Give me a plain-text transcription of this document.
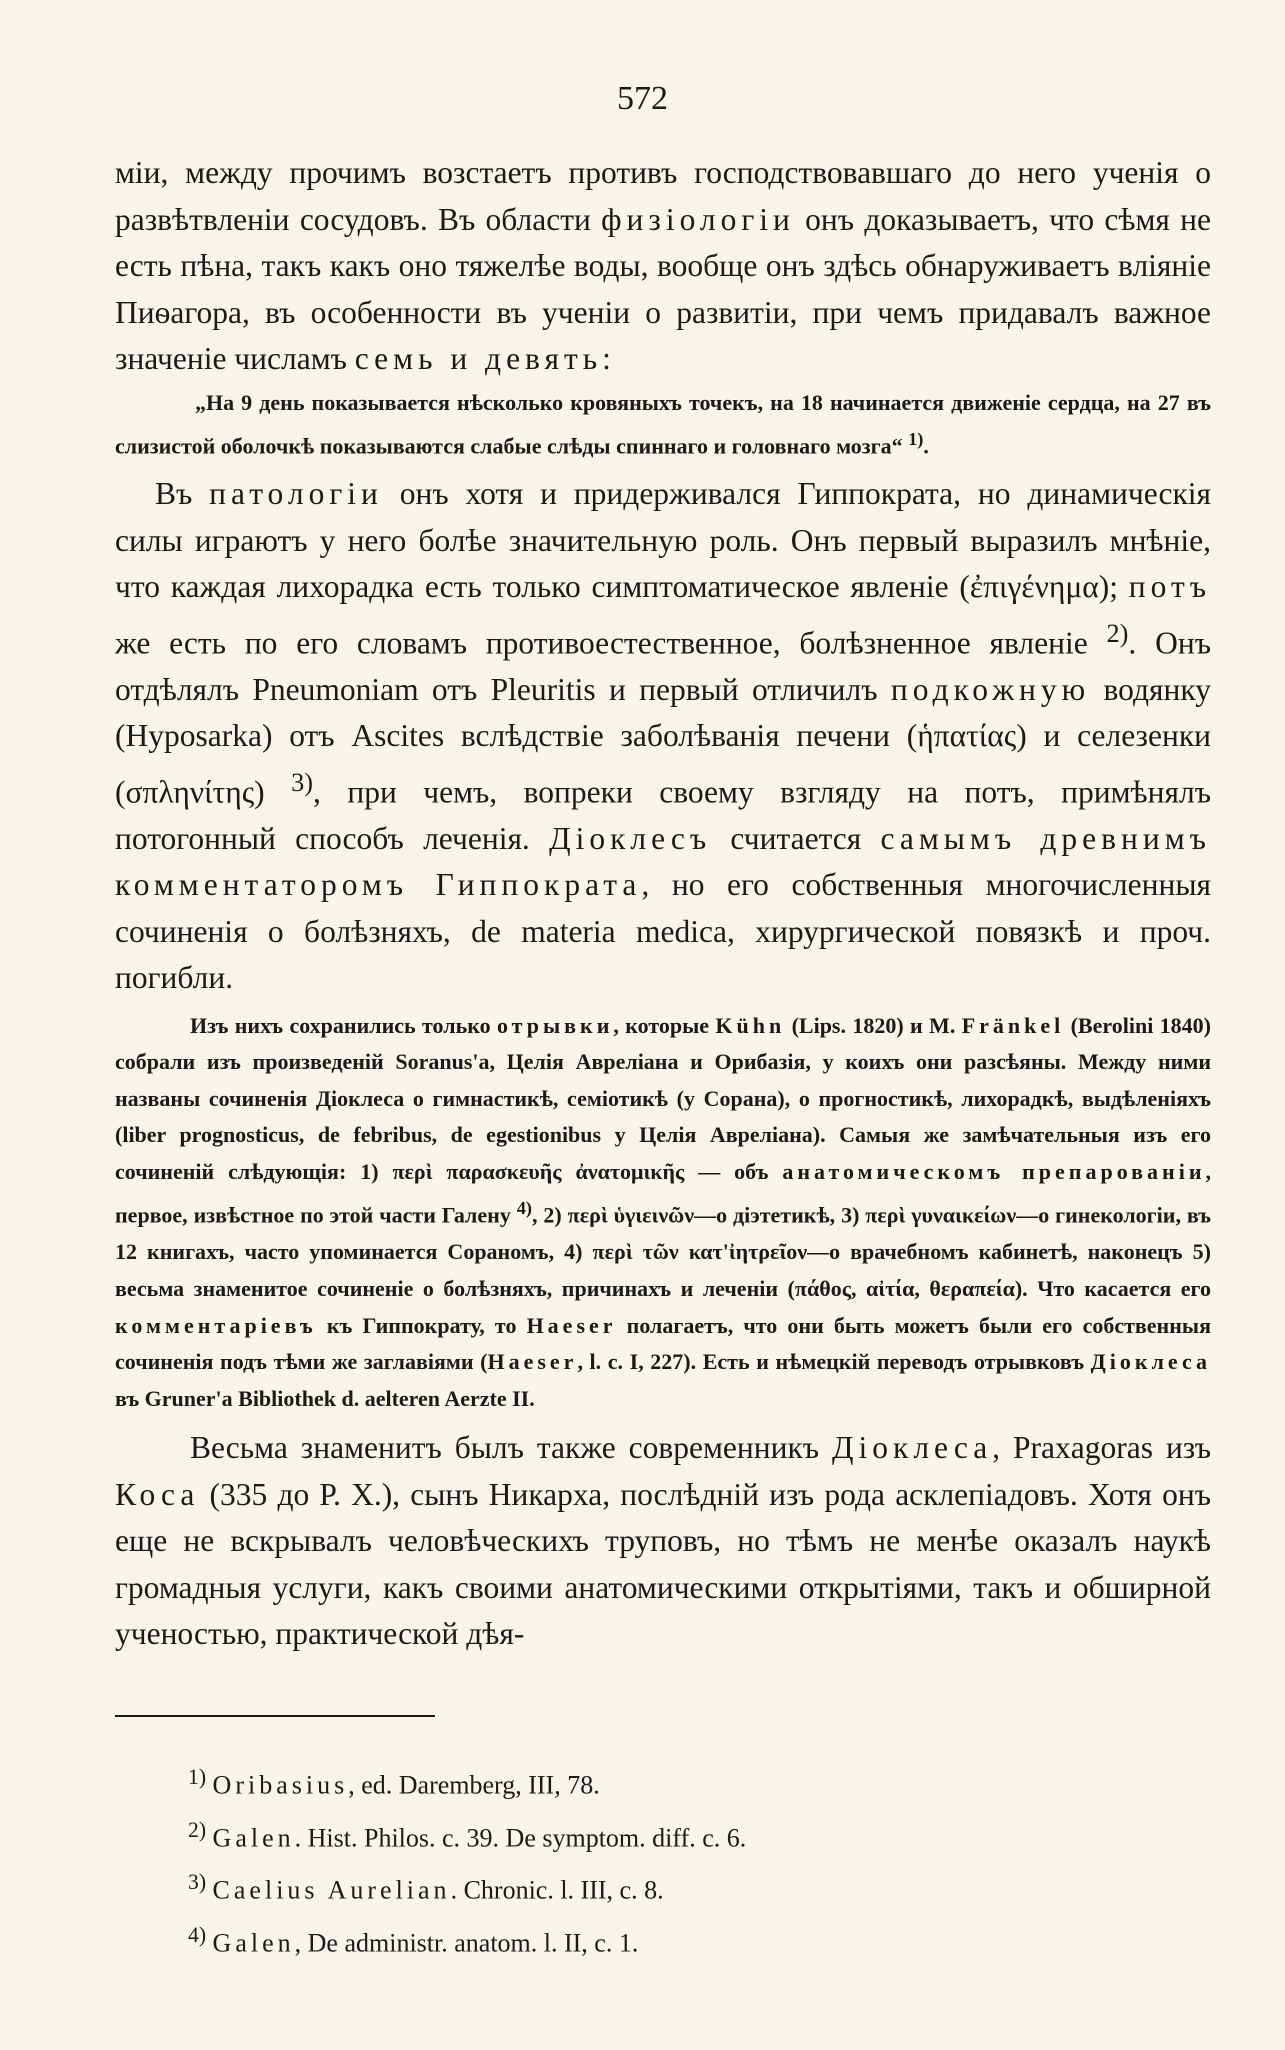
572

міи, между прочимъ возстаетъ противъ господствовавшаго до него ученія о развѣтвленіи сосудовъ. Въ области физіологіи онъ доказываетъ, что сѣмя не есть пѣна, такъ какъ оно тяжелѣе воды, вообще онъ здѣсь обнаруживаетъ вліяніе Пиѳагора, въ особенности въ ученіи о развитіи, при чемъ придавалъ важное значеніе числамъ семь и девять:

„На 9 день показывается нѣсколько кровяныхъ точекъ, на 18 начинается движеніе сердца, на 27 въ слизистой оболочкѣ показываются слабые слѣды спиннаго и головнаго мозга“ $^{1)}$.

Въ патологіи онъ хотя и придерживался Гиппократа, но динамическія силы играютъ у него болѣе значительную роль. Онъ первый выразилъ мнѣніе, что каждая лихорадка есть только симптоматическое явленіе (ἐπιγένημα); потъ же есть по его словамъ противоестественное, болѣзненное явленіе $^{2)}$. Онъ отдѣлялъ Pneumoniam отъ Pleuritis и первый отличилъ подкожную водянку (Hyposarka) отъ Ascites вслѣдствіе заболѣванія печени (ἡπατίας) и селезенки (σπληνίτης) $^{3)}$, при чемъ, вопреки своему взгляду на потъ, примѣнялъ потогонный способъ леченія. Діоклесъ считается самымъ древнимъ комментаторомъ Гиппократа, но его собственныя многочисленныя сочиненія о болѣзняхъ, de materia medica, хирургической повязкѣ и проч. погибли.

Изъ нихъ сохранились только отрывки, которые Kühn (Lips. 1820) и M. Fränkel (Berolini 1840) собрали изъ произведеній Soranus'а, Целія Авреліана и Орибазія, у коихъ они разсѣяны. Между ними названы сочиненія Діоклеса о гимнастикѣ, семіотикѣ (у Сорана), о прогностикѣ, лихорадкѣ, выдѣленіяхъ (liber prognosticus, de febribus, de egestionibus у Целія Авреліана). Самыя же замѣчательныя изъ его сочиненій слѣдующія: 1) περὶ παρασκευῆς ἀνατομικῆς — объ анатомическомъ препарованіи, первое, извѣстное по этой части Галену $^{4)}$, 2) περὶ ὑγιεινῶν—о діэтетикѣ, 3) περὶ γυναικείων—о гинекологіи, въ 12 книгахъ, часто упоминается Сораномъ, 4) περὶ τῶν κατ'ἰητρεῖον—о врачебномъ кабинетѣ, наконецъ 5) весьма знаменитое сочиненіе о болѣзняхъ, причинахъ и леченіи (πάθος, αἰτία, θεραπεία). Что касается его комментаріевъ къ Гиппократу, то Haeser полагаетъ, что они быть можетъ были его собственныя сочиненія подъ тѣми же заглавіями (Haeser, l. c. I, 227). Есть и нѣмецкій переводъ отрывковъ Діоклеса въ Gruner'а Bibliothek d. aelteren Aerzte II.

Весьма знаменитъ былъ также современникъ Діоклеса, Praxagoras изъ Коса (335 до Р. Х.), сынъ Никарха, послѣдній изъ рода асклепіадовъ. Хотя онъ еще не вскрывалъ человѣческихъ труповъ, но тѣмъ не менѣе оказалъ наукѣ громадныя услуги, какъ своими анатомическими открытіями, такъ и обширной ученостью, практической дѣя-

$^{1)}$ Oribasius, ed. Daremberg, III, 78.

$^{2)}$ Galen. Hist. Philos. c. 39. De symptom. diff. c. 6.

$^{3)}$ Caelius Aurelian. Chronic. l. III, c. 8.

$^{4)}$ Galen, De administr. anatom. l. II, c. 1.
